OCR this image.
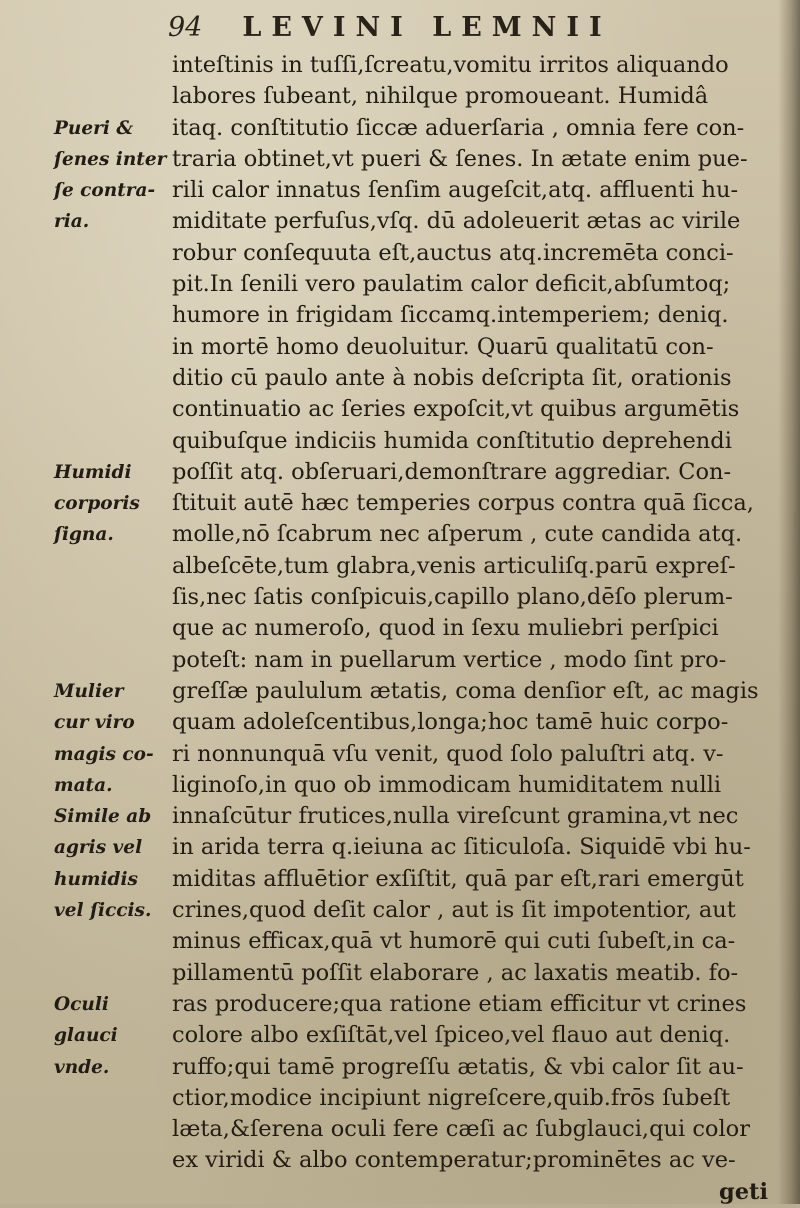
94 LEVINI LEMNII
inteſtinis in tuſſi,ſcreatu,vomitu irritos aliquando
labores ſubeant, nihilque promoueant. Humidâ
itaq. conſtitutio ſiccæ aduerſaria , omnia fere con-
traria obtinet,vt pueri & ſenes. In ætate enim pue-
rili calor innatus ſenſim augeſcit,atq. affluenti hu-
miditate perfuſus,vſq. dū adoleuerit ætas ac virile
robur conſequuta eſt,auctus atq.incremēta conci-
pit.In ſenili vero paulatim calor deficit,abſumtoq;
humore in frigidam ſiccamq.intemperiem; deniq.
in mortē homo deuoluitur. Quarū qualitatū con-
ditio cū paulo ante à nobis deſcripta ſit, orationis
continuatio ac ſeries expoſcit,vt quibus argumētis
quibuſque indiciis humida conſtitutio deprehendi
poſſit atq. obſeruari,demonſtrare aggrediar. Con-
ſtituit autē hæc temperies corpus contra quā ſicca,
molle,nō ſcabrum nec aſperum , cute candida atq.
albeſcēte,tum glabra,venis articuliſq.parū expreſ-
ſis,nec ſatis conſpicuis,capillo plano,dēſo plerum-
que ac numeroſo, quod in ſexu muliebri perſpici
poteſt: nam in puellarum vertice , modo ſint pro-
greſſæ paululum ætatis, coma denſior eſt, ac magis
quam adoleſcentibus,longa;hoc tamē huic corpo-
ri nonnunquā vſu venit, quod ſolo paluſtri atq. v-
liginoſo,in quo ob immodicam humiditatem nulli
innaſcūtur frutices,nulla vireſcunt gramina,vt nec
in arida terra q.ieiuna ac ſiticuloſa. Siquidē vbi hu-
miditas affluētior exſiſtit, quā par eſt,rari emergūt
crines,quod deſit calor , aut is ſit impotentior, aut
minus efficax,quā vt humorē qui cuti ſubeſt,in ca-
pillamentū poſſit elaborare , ac laxatis meatib. fo-
ras producere;qua ratione etiam efficitur vt crines
colore albo exſiſtāt,vel ſpiceo,vel flauo aut deniq.
ruffo;qui tamē progreſſu ætatis, & vbi calor ſit au-
ctior,modice incipiunt nigreſcere,quib.frōs ſubeſt
læta,&ſerena oculi fere cæſi ac ſubglauci,qui color
ex viridi & albo contemperatur;prominētes ac ve-
geti
Pueri &
ſenes inter
ſe contra-
ria.
Humidi
corporis
ſigna.
Mulier
cur viro
magis co-
mata.
Simile ab
agris vel
humidis
vel ſiccis.
Oculi
glauci
vnde.
